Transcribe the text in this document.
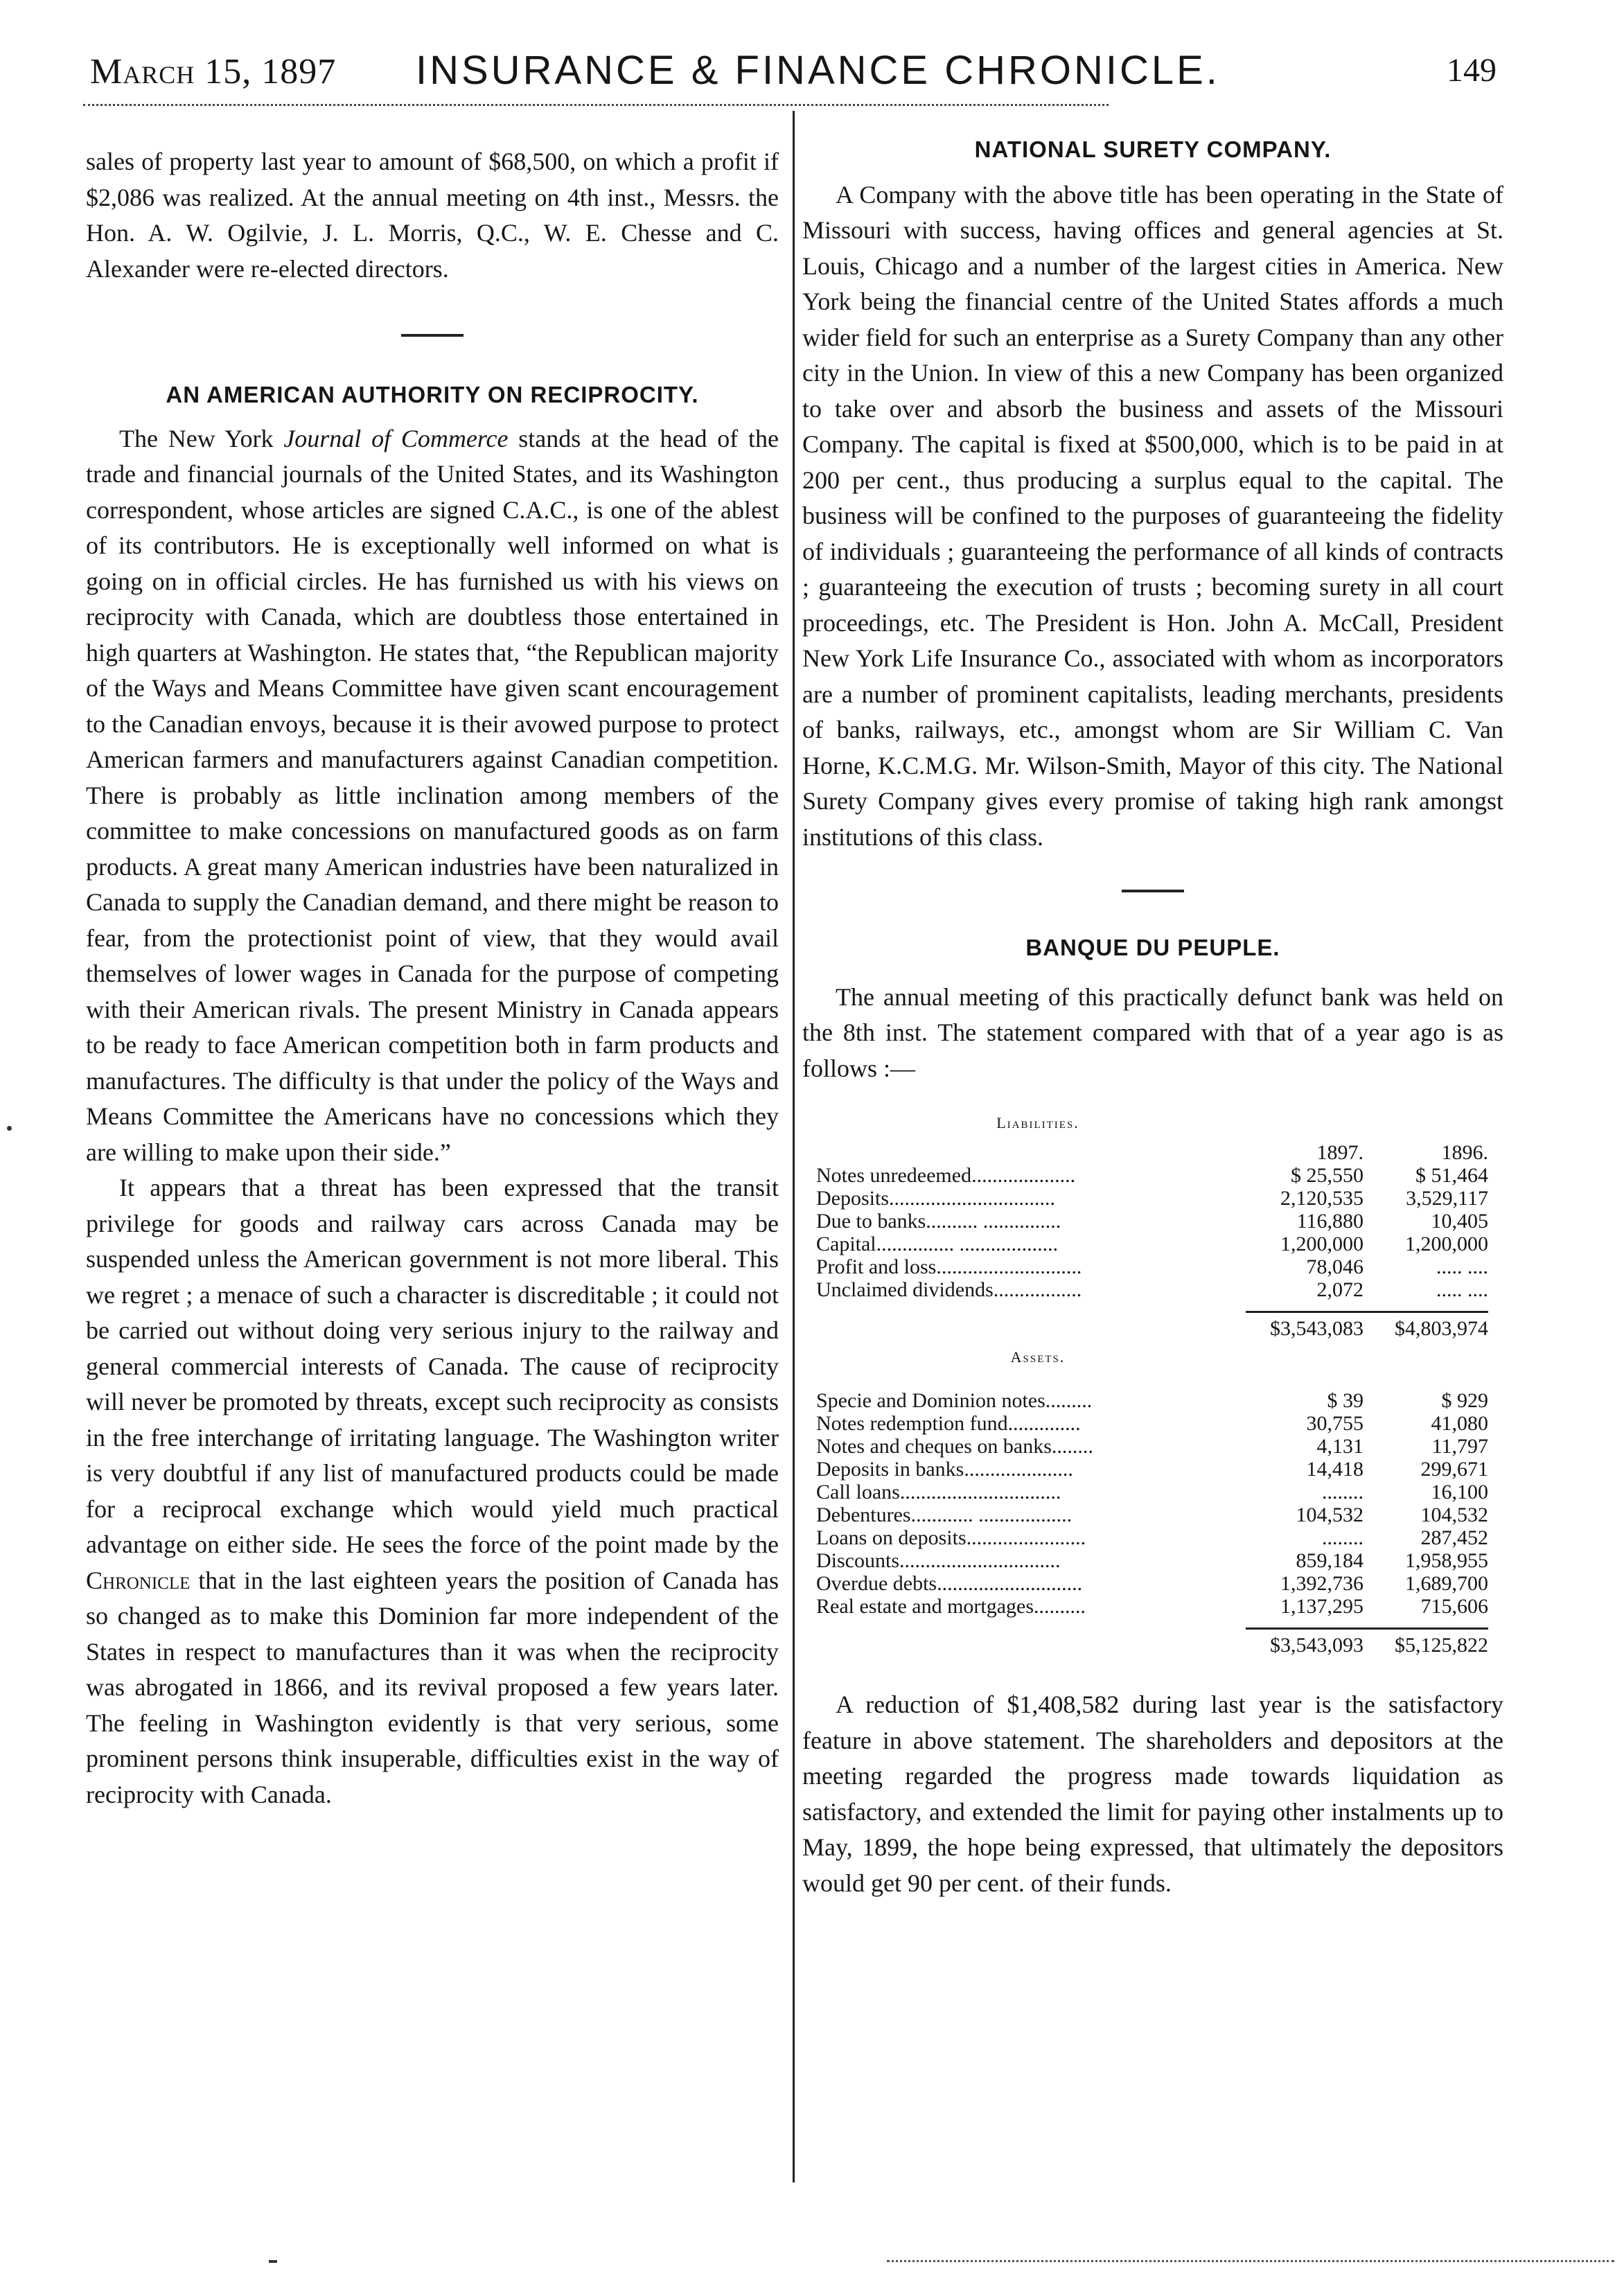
March 15, 1897 INSURANCE & FINANCE CHRONICLE.	149

sales of property last year to amount of $68,500, on which a profit if $2,086 was realized. At the annual meeting on 4th inst., Messrs. the Hon. A. W. Ogilvie, J. L. Morris, Q.C., W. E. Chesse and C. Alexander were re-elected directors.

AN AMERICAN AUTHORITY ON RECIPROCITY.

The New York Journal of Commerce stands at the head of the trade and financial journals of the United States, and its Washington correspondent, whose articles are signed C.A.C., is one of the ablest of its contributors. He is exceptionally well informed on what is going on in official circles. He has furnished us with his views on reciprocity with Canada, which are doubtless those entertained in high quarters at Washington. He states that, “the Republican majority of the Ways and Means Committee have given scant encouragement to the Canadian envoys, because it is their avowed purpose to protect American farmers and manufacturers against Canadian competition. There is probably as little inclination among members of the committee to make concessions on manufactured goods as on farm products. A great many American industries have been naturalized in Canada to supply the Canadian demand, and there might be reason to fear, from the protectionist point of view, that they would avail themselves of lower wages in Canada for the purpose of competing with their American rivals. The present Ministry in Canada appears to be ready to face American competition both in farm products and manufactures. The difficulty is that under the policy of the Ways and Means Committee the Americans have no concessions which they are willing to make upon their side.”

It appears that a threat has been expressed that the transit privilege for goods and railway cars across Canada may be suspended unless the American government is not more liberal. This we regret ; a menace of such a character is discreditable ; it could not be carried out without doing very serious injury to the railway and general commercial interests of Canada. The cause of reciprocity will never be promoted by threats, except such reciprocity as consists in the free interchange of irritating language. The Washington writer is very doubtful if any list of manufactured products could be made for a reciprocal exchange which would yield much practical advantage on either side. He sees the force of the point made by the Chronicle that in the last eighteen years the position of Canada has so changed as to make this Dominion far more independent of the States in respect to manufactures than it was when the reciprocity was abrogated in 1866, and its revival proposed a few years later. The feeling in Washington evidently is that very serious, some prominent persons think insuperable, difficulties exist in the way of reciprocity with Canada.

NATIONAL SURETY COMPANY.

A Company with the above title has been operating in the State of Missouri with success, having offices and general agencies at St. Louis, Chicago and a number of the largest cities in America. New York being the financial centre of the United States affords a much wider field for such an enterprise as a Surety Company than any other city in the Union. In view of this a new Company has been organized to take over and absorb the business and assets of the Missouri Company. The capital is fixed at $500,000, which is to be paid in at 200 per cent., thus producing a surplus equal to the capital. The business will be confined to the purposes of guaranteeing the fidelity of individuals ; guaranteeing the performance of all kinds of contracts ; guaranteeing the execution of trusts ; becoming surety in all court proceedings, etc. The President is Hon. John A. McCall, President New York Life Insurance Co., associated with whom as incorporators are a number of prominent capitalists, leading merchants, presidents of banks, railways, etc., amongst whom are Sir William C. Van Horne, K.C.M.G. Mr. Wilson-Smith, Mayor of this city. The National Surety Company gives every promise of taking high rank amongst institutions of this class.

BANQUE DU PEUPLE.

The annual meeting of this practically defunct bank was held on the 8th inst. The statement compared with that of a year ago is as follows :—

Liabilities.
1897.	1896.
Notes unredeemed....................	$ 25,550	$ 51,464
Deposits................................	2,120,535	3,529,117
Due to banks.......... ...............	116,880	10,405
Capital............... ...................	1,200,000	1,200,000
Profit and loss............................	78,046	..... ....
Unclaimed dividends.................	2,072	..... ....
$3,543,083	$4,803,974
Assets.
Specie and Dominion notes.........	$ 39	$ 929
Notes redemption fund..............	30,755	41,080
Notes and cheques on banks........	4,131	11,797
Deposits in banks.....................	14,418	299,671
Call loans...............................	........	16,100
Debentures............ ..................	104,532	104,532
Loans on deposits.......................	........	287,452
Discounts...............................	859,184	1,958,955
Overdue debts............................	1,392,736	1,689,700
Real estate and mortgages..........	1,137,295	715,606
$3,543,093	$5,125,822

A reduction of $1,408,582 during last year is the satisfactory feature in above statement. The shareholders and depositors at the meeting regarded the progress made towards liquidation as satisfactory, and extended the limit for paying other instalments up to May, 1899, the hope being expressed, that ultimately the depositors would get 90 per cent. of their funds.
